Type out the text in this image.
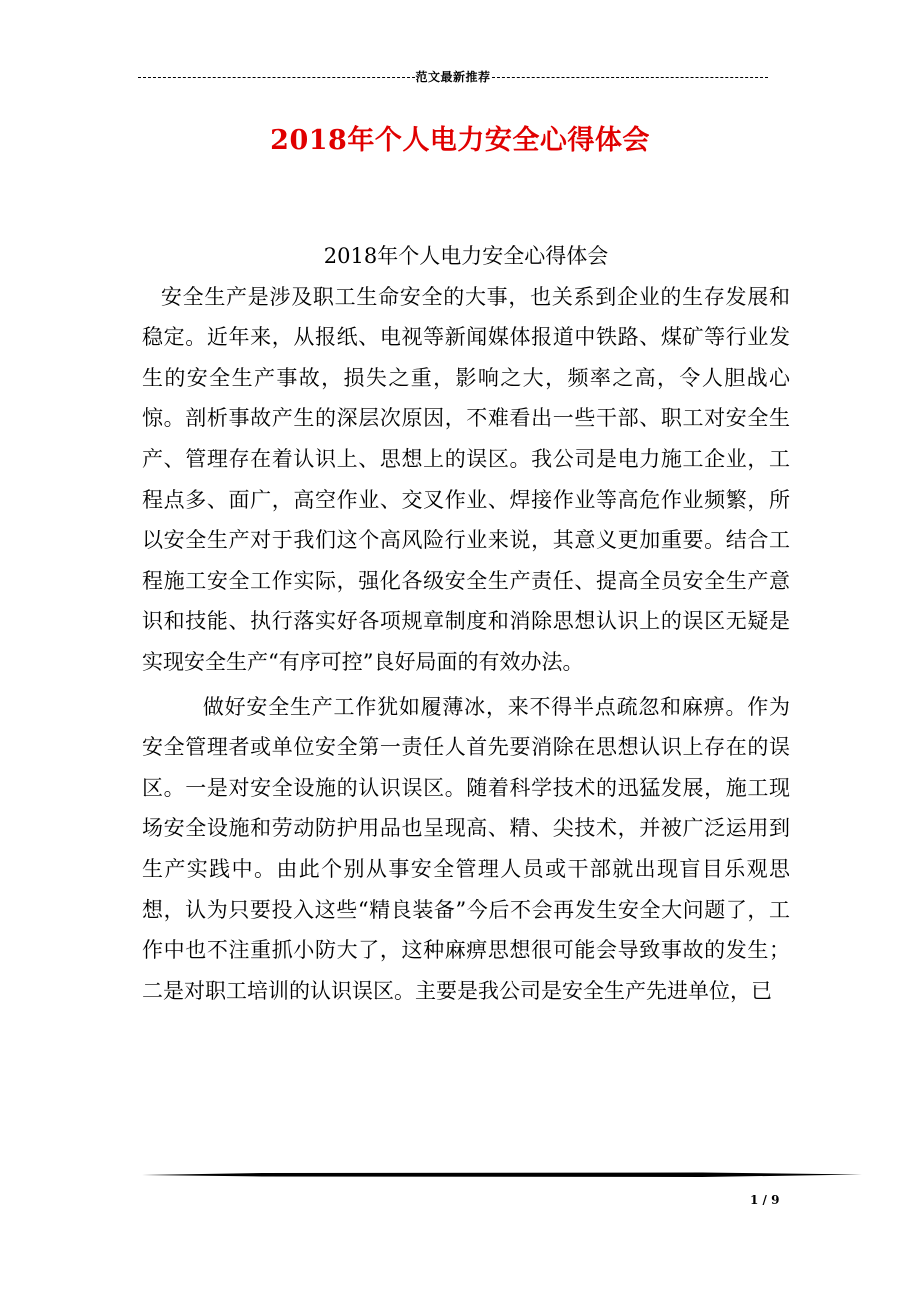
范文最新推荐
2018年个人电力安全心得体会

2018年个人电力安全心得体会

安全生产是涉及职工生命安全的大事，也关系到企业的生存发展和稳定。近年来，从报纸、电视等新闻媒体报道中铁路、煤矿等行业发生的安全生产事故，损失之重，影响之大，频率之高，令人胆战心惊。剖析事故产生的深层次原因，不难看出一些干部、职工对安全生产、管理存在着认识上、思想上的误区。我公司是电力施工企业，工程点多、面广，高空作业、交叉作业、焊接作业等高危作业频繁，所以安全生产对于我们这个高风险行业来说，其意义更加重要。结合工程施工安全工作实际，强化各级安全生产责任、提高全员安全生产意识和技能、执行落实好各项规章制度和消除思想认识上的误区无疑是实现安全生产“有序可控”良好局面的有效办法。

做好安全生产工作犹如履薄冰，来不得半点疏忽和麻痹。作为安全管理者或单位安全第一责任人首先要消除在思想认识上存在的误区。一是对安全设施的认识误区。随着科学技术的迅猛发展，施工现场安全设施和劳动防护用品也呈现高、精、尖技术，并被广泛运用到生产实践中。由此个别从事安全管理人员或干部就出现盲目乐观思想，认为只要投入这些“精良装备”今后不会再发生安全大问题了，工作中也不注重抓小防大了，这种麻痹思想很可能会导致事故的发生；二是对职工培训的认识误区。主要是我公司是安全生产先进单位，已

1 / 9
